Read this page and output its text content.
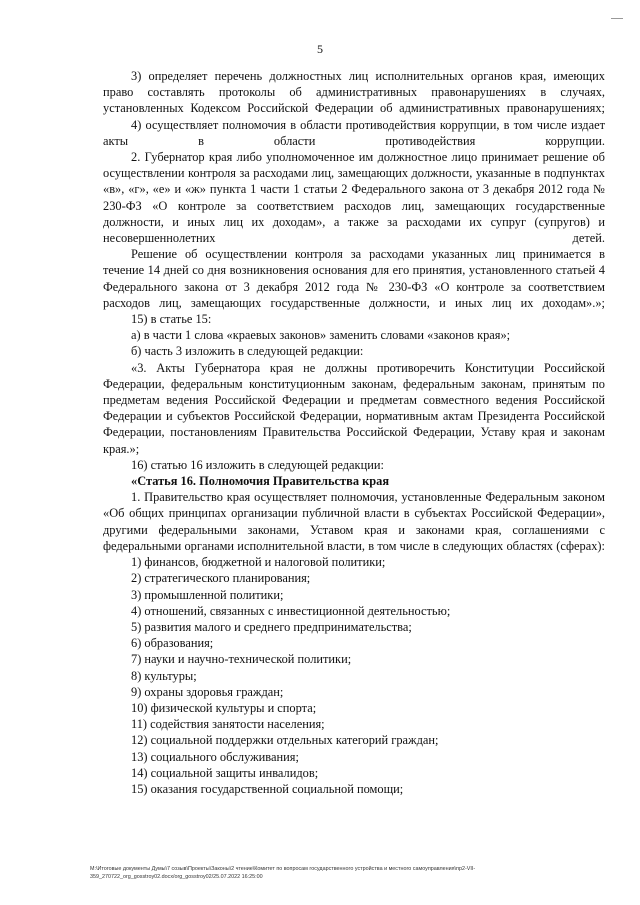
5

3) определяет перечень должностных лиц исполнительных органов края, имеющих право составлять протоколы об административных правонарушениях в случаях, установленных Кодексом Российской Федерации об административных правонарушениях;

4) осуществляет полномочия в области противодействия коррупции, в том числе издает акты в области противодействия коррупции.

2. Губернатор края либо уполномоченное им должностное лицо принимает решение об осуществлении контроля за расходами лиц, замещающих должности, указанные в подпунктах «в», «г», «е» и «ж» пункта 1 части 1 статьи 2 Федерального закона от 3 декабря 2012 года № 230-ФЗ «О контроле за соответствием расходов лиц, замещающих государственные должности, и иных лиц их доходам», а также за расходами их супруг (супругов) и несовершеннолетних детей.

Решение об осуществлении контроля за расходами указанных лиц принимается в течение 14 дней со дня возникновения основания для его принятия, установленного статьей 4 Федерального закона от 3 декабря 2012 года № 230-ФЗ «О контроле за соответствием расходов лиц, замещающих государственные должности, и иных лиц их доходам».»;

15) в статье 15:

а) в части 1 слова «краевых законов» заменить словами «законов края»;

б) часть 3 изложить в следующей редакции:

«3. Акты Губернатора края не должны противоречить Конституции Российской Федерации, федеральным конституционным законам, федеральным законам, принятым по предметам ведения Российской Федерации и предметам совместного ведения Российской Федерации и субъектов Российской Федерации, нормативным актам Президента Российской Федерации, постановлениям Правительства Российской Федерации, Уставу края и законам края.»;

16) статью 16 изложить в следующей редакции:

«Статья 16. Полномочия Правительства края

1. Правительство края осуществляет полномочия, установленные Федеральным законом «Об общих принципах организации публичной власти в субъектах Российской Федерации», другими федеральными законами, Уставом края и законами края, соглашениями с федеральными органами исполнительной власти, в том числе в следующих областях (сферах):

1) финансов, бюджетной и налоговой политики;

2) стратегического планирования;

3) промышленной политики;

4) отношений, связанных с инвестиционной деятельностью;

5) развития малого и среднего предпринимательства;

6) образования;

7) науки и научно-технической политики;

8) культуры;

9) охраны здоровья граждан;

10) физической культуры и спорта;

11) содействия занятости населения;

12) социальной поддержки отдельных категорий граждан;

13) социального обслуживания;

14) социальной защиты инвалидов;

15) оказания государственной социальной помощи;

М:\Итоговые документы Думы\7 созыв\Проекты\Законы\2 чтение\Комитет по вопросам государственного устройства и местного самоуправления\пр2-VII-
359_270722_org_gosstroy02.docx/org_gosstroy02/25.07.2022 16:25:00
